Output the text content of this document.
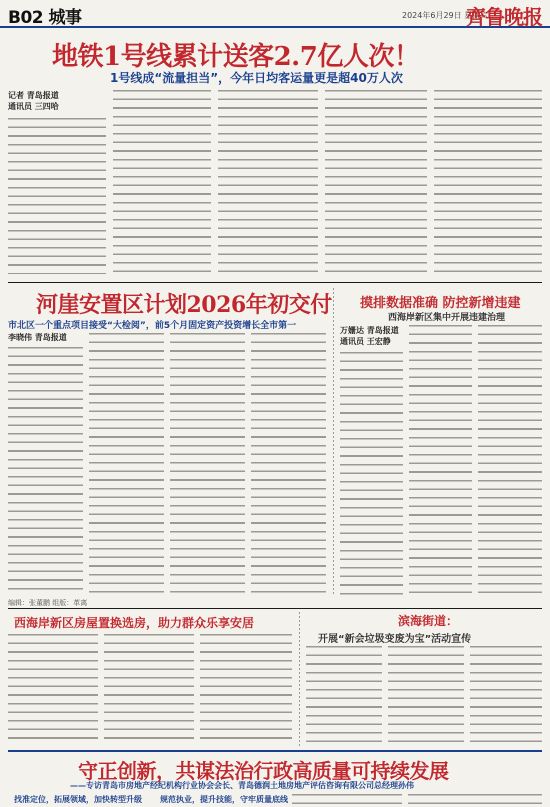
B02 城事	2024年6月29日 星期六
齊鲁晚报
地铁1号线累计送客2.7亿人次！
1号线成“流量担当”，今年日均客运量更是超40万人次
记者 青岛报道
通讯员 三四哈
河崖安置区计划2026年初交付
市北区一个重点项目接受“大检阅”，前5个月固定资产投资增长全市第一
李晓伟 青岛报道
摸排数据准确 防控新增违建
西海岸新区集中开展违建治理
万姗达 青岛报道
通讯员 王宏静
编辑：张董鹏 组版：革离
西海岸新区房屋置换选房，助力群众乐享安居	滨海街道：
开展“新会垃圾变废为宝”活动宣传
守正创新，共谋法治行政高质量可持续发展
——专访青岛市房地产经纪机构行业协会会长、青岛德润土地房地产评估咨询有限公司总经理孙伟
找准定位，拓展领域，加快转型升级 规范执业，提升技能，守牢质量底线
